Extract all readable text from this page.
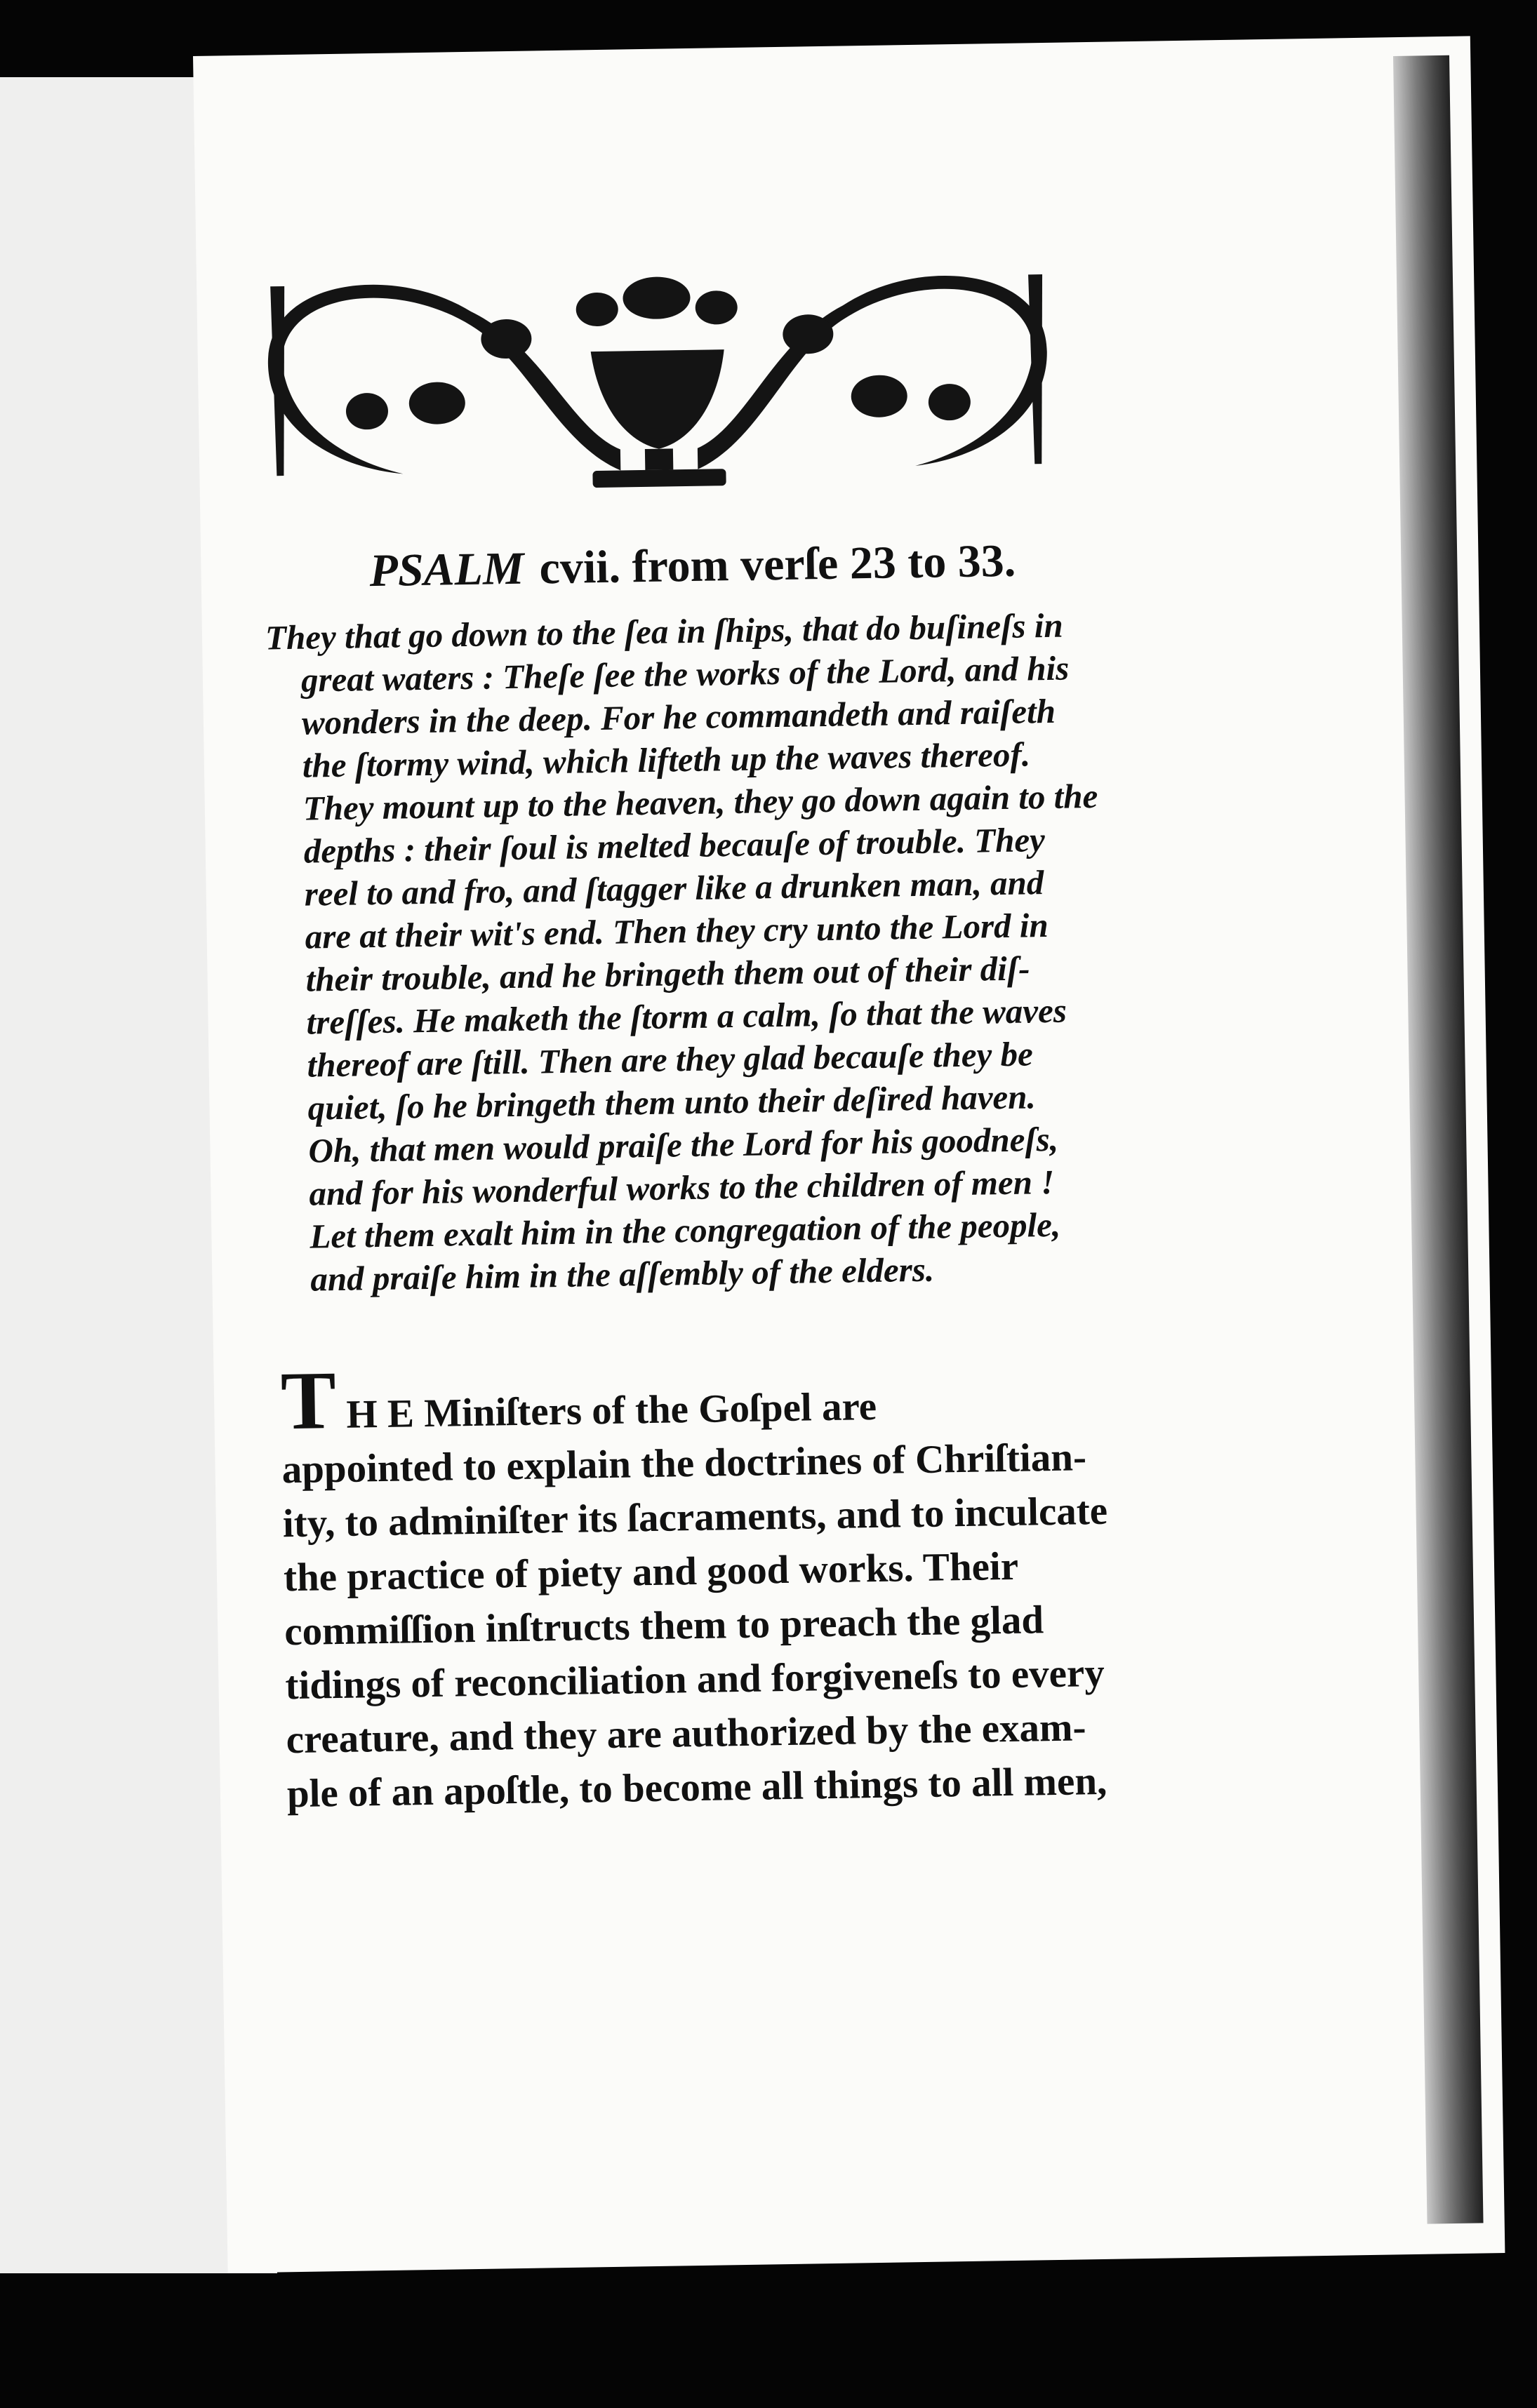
PSALM cvii. from verſe 23 to 33.
They that go down to the ſea in ſhips, that do buſineſs in
great waters : Theſe ſee the works of the Lord, and his
wonders in the deep. For he commandeth and raiſeth
the ſtormy wind, which lifteth up the waves thereof.
They mount up to the heaven, they go down again to the
depths : their ſoul is melted becauſe of trouble. They
reel to and fro, and ſtagger like a drunken man, and
are at their wit's end. Then they cry unto the Lord in
their trouble, and he bringeth them out of their diſ-
treſſes. He maketh the ſtorm a calm, ſo that the waves
thereof are ſtill. Then are they glad becauſe they be
quiet, ſo he bringeth them unto their deſired haven.
Oh, that men would praiſe the Lord for his goodneſs,
and for his wonderful works to the children of men !
Let them exalt him in the congregation of the people,
and praiſe him in the aſſembly of the elders.
T H E Miniſters of the Goſpel are
appointed to explain the doctrines of Chriſtian-
ity, to adminiſter its ſacraments, and to inculcate
the practice of piety and good works. Their
commiſſion inſtructs them to preach the glad
tidings of reconciliation and forgiveneſs to every
creature, and they are authorized by the exam-
ple of an apoſtle, to become all things to all men,
